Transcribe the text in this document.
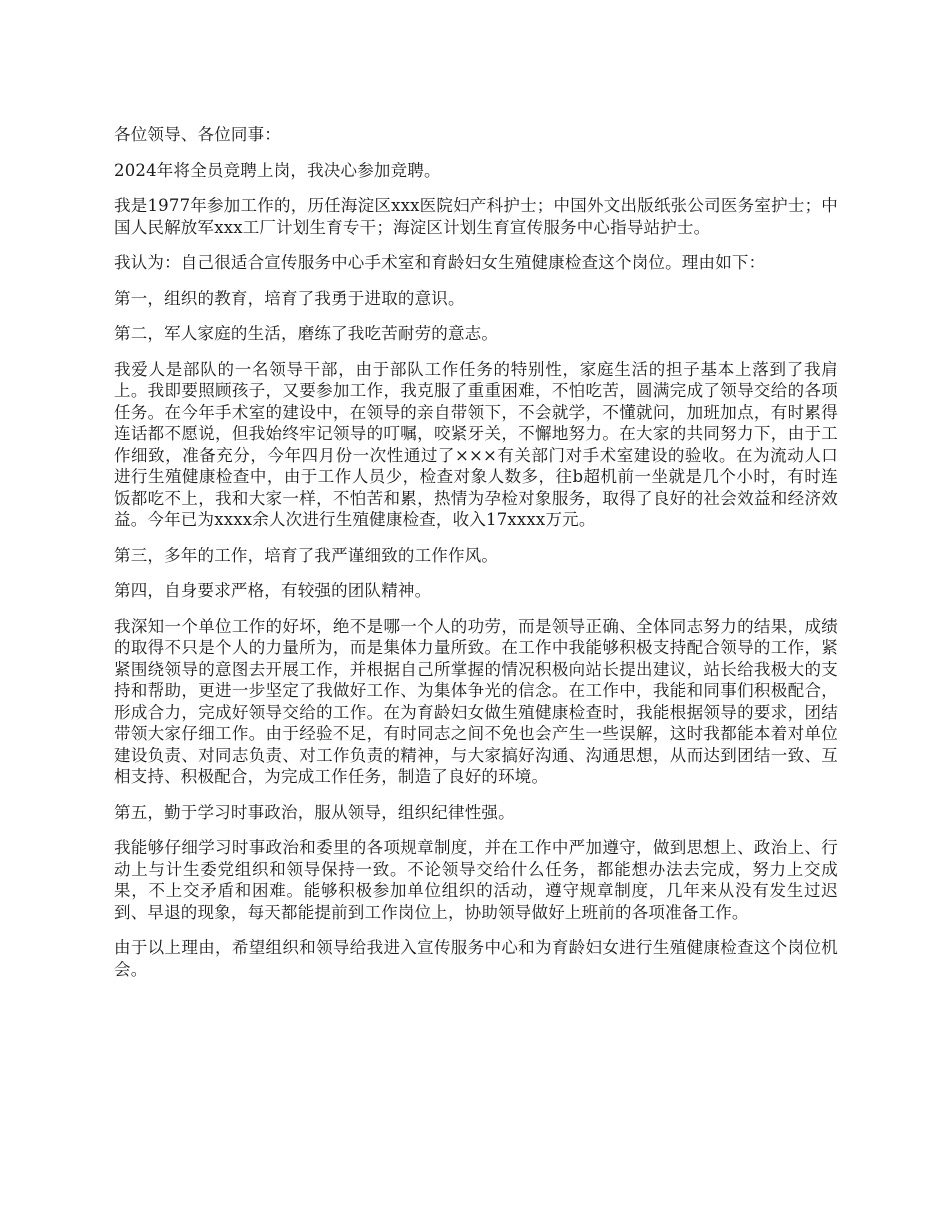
各位领导、各位同事：

2024年将全员竞聘上岗，我决心参加竞聘。

我是1977年参加工作的，历任海淀区xxx医院妇产科护士；中国外文出版纸张公司医务室护士；中国人民解放军xxx工厂计划生育专干；海淀区计划生育宣传服务中心指导站护士。

我认为：自己很适合宣传服务中心手术室和育龄妇女生殖健康检查这个岗位。理由如下：

第一，组织的教育，培育了我勇于进取的意识。

第二，军人家庭的生活，磨练了我吃苦耐劳的意志。

我爱人是部队的一名领导干部，由于部队工作任务的特别性，家庭生活的担子基本上落到了我肩上。我即要照顾孩子，又要参加工作，我克服了重重困难，不怕吃苦，圆满完成了领导交给的各项任务。在今年手术室的建设中，在领导的亲自带领下，不会就学，不懂就问，加班加点，有时累得连话都不愿说，但我始终牢记领导的叮嘱，咬紧牙关，不懈地努力。在大家的共同努力下，由于工作细致，准备充分，今年四月份一次性通过了×××有关部门对手术室建设的验收。在为流动人口进行生殖健康检查中，由于工作人员少，检查对象人数多，往b超机前一坐就是几个小时，有时连饭都吃不上，我和大家一样，不怕苦和累，热情为孕检对象服务，取得了良好的社会效益和经济效益。今年已为xxxx余人次进行生殖健康检查，收入17xxxx万元。

第三，多年的工作，培育了我严谨细致的工作作风。

第四，自身要求严格，有较强的团队精神。

我深知一个单位工作的好坏，绝不是哪一个人的功劳，而是领导正确、全体同志努力的结果，成绩的取得不只是个人的力量所为，而是集体力量所致。在工作中我能够积极支持配合领导的工作，紧紧围绕领导的意图去开展工作，并根据自己所掌握的情况积极向站长提出建议，站长给我极大的支持和帮助，更进一步坚定了我做好工作、为集体争光的信念。在工作中，我能和同事们积极配合，形成合力，完成好领导交给的工作。在为育龄妇女做生殖健康检查时，我能根据领导的要求，团结带领大家仔细工作。由于经验不足，有时同志之间不免也会产生一些误解，这时我都能本着对单位建设负责、对同志负责、对工作负责的精神，与大家搞好沟通、沟通思想，从而达到团结一致、互相支持、积极配合，为完成工作任务，制造了良好的环境。

第五，勤于学习时事政治，服从领导，组织纪律性强。

我能够仔细学习时事政治和委里的各项规章制度，并在工作中严加遵守，做到思想上、政治上、行动上与计生委党组织和领导保持一致。不论领导交给什么任务，都能想办法去完成，努力上交成果，不上交矛盾和困难。能够积极参加单位组织的活动，遵守规章制度，几年来从没有发生过迟到、早退的现象，每天都能提前到工作岗位上，协助领导做好上班前的各项准备工作。

由于以上理由，希望组织和领导给我进入宣传服务中心和为育龄妇女进行生殖健康检查这个岗位机会。
